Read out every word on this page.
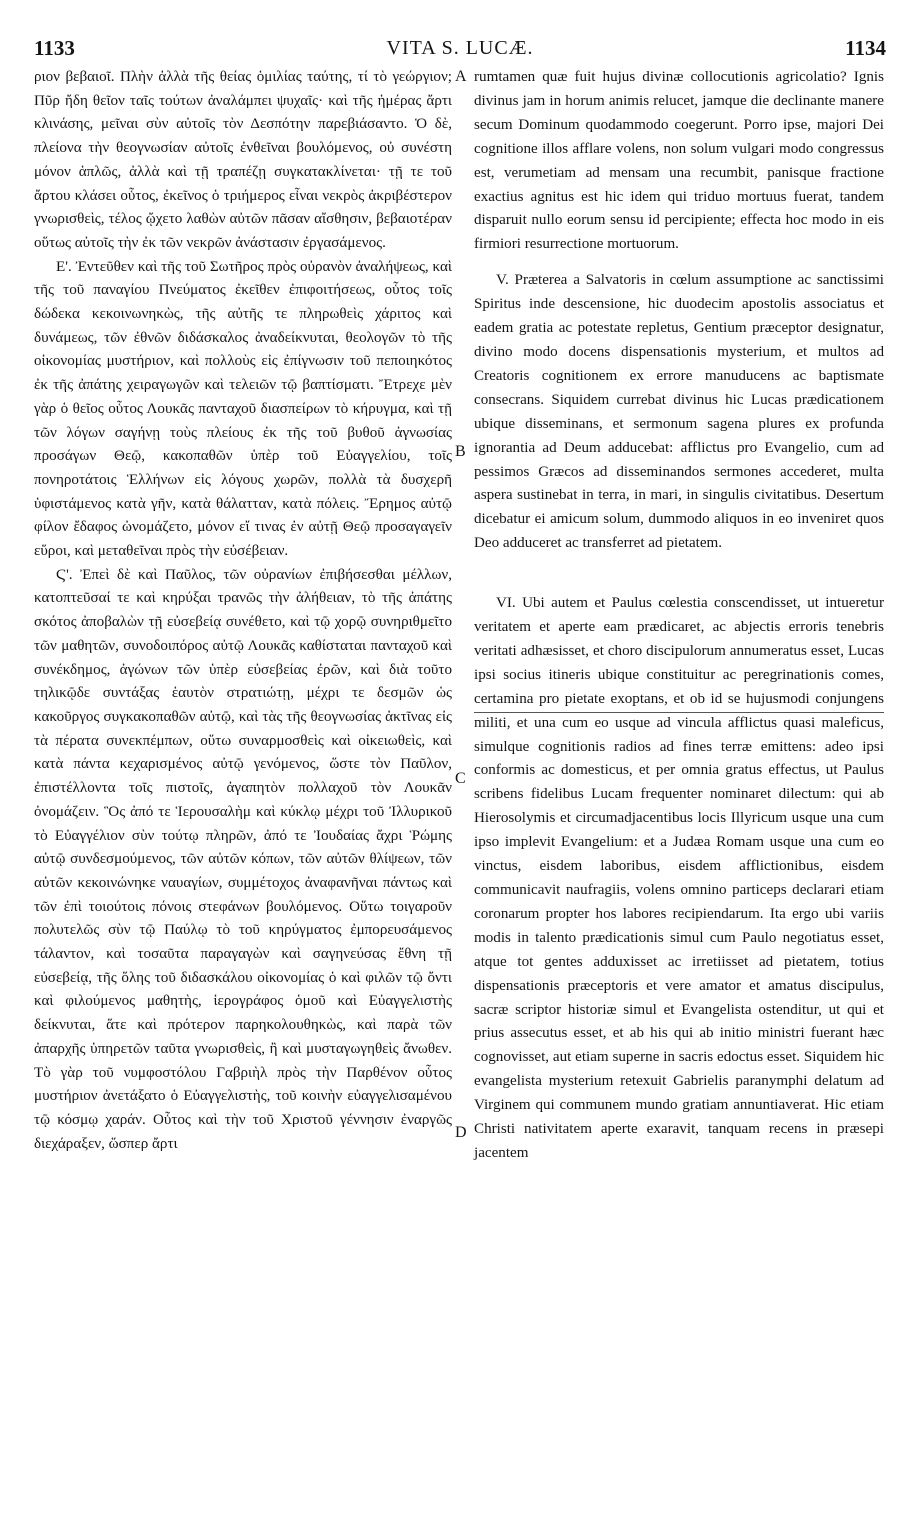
1133	VITA S. LUCÆ.	1134

ριον βεβαιοῖ. Πλὴν ἀλλὰ τῆς θείας ὁμιλίας ταύτης, τί τὸ γεώργιον; Πῦρ ἤδη θεῖον ταῖς τούτων ἀναλάμπει ψυχαῖς· καὶ τῆς ἡμέρας ἄρτι κλινάσης, μεῖναι σὺν αὐτοῖς τὸν Δεσπότην παρεβιάσαντο. Ὁ δὲ, πλείονα τὴν θεογνωσίαν αὐτοῖς ἐνθεῖναι βουλόμενος, οὐ συνέστη μόνον ἁπλῶς, ἀλλὰ καὶ τῇ τραπέζῃ συγκατακλίνεται· τῇ τε τοῦ ἄρτου κλάσει οὗτος, ἐκεῖνος ὁ τριήμερος εἶναι νεκρὸς ἀκριβέστερον γνωρισθεὶς, τέλος ᾤχετο λαθὼν αὐτῶν πᾶσαν αἴσθησιν, βεβαιοτέραν οὕτως αὐτοῖς τὴν ἐκ τῶν νεκρῶν ἀνάστασιν ἐργασάμενος.

Ε'. Ἐντεῦθεν καὶ τῆς τοῦ Σωτῆρος πρὸς οὐρανὸν ἀναλήψεως, καὶ τῆς τοῦ παναγίου Πνεύματος ἐκεῖθεν ἐπιφοιτήσεως, οὗτος τοῖς δώδεκα κεκοινωνηκὼς, τῆς αὐτῆς τε πληρωθεὶς χάριτος καὶ δυνάμεως, τῶν ἐθνῶν διδάσκαλος ἀναδείκνυται, θεολογῶν τὸ τῆς οἰκονομίας μυστήριον, καὶ πολλοὺς εἰς ἐπίγνωσιν τοῦ πεποιηκότος ἐκ τῆς ἀπάτης χειραγωγῶν καὶ τελειῶν τῷ βαπτίσματι. Ἔτρεχε μὲν γὰρ ὁ θεῖος οὗτος Λουκᾶς πανταχοῦ διασπείρων τὸ κήρυγμα, καὶ τῇ τῶν λόγων σαγήνῃ τοὺς πλείους ἐκ τῆς τοῦ βυθοῦ ἀγνωσίας προσάγων Θεῷ, κακοπαθῶν ὑπὲρ τοῦ Εὐαγγελίου, τοῖς πονηροτάτοις Ἑλλήνων εἰς λόγους χωρῶν, πολλὰ τὰ δυσχερῆ ὑφιστάμενος κατὰ γῆν, κατὰ θάλατταν, κατὰ πόλεις. Ἔρημος αὐτῷ φίλον ἔδαφος ὠνομάζετο, μόνον εἴ τινας ἐν αὐτῇ Θεῷ προσαγαγεῖν εὕροι, καὶ μεταθεῖναι πρὸς τὴν εὐσέβειαν.

Ϛ'. Ἐπεὶ δὲ καὶ Παῦλος, τῶν οὐρανίων ἐπιβήσεσθαι μέλλων, κατοπτεῦσαί τε καὶ κηρύξαι τρανῶς τὴν ἀλήθειαν, τὸ τῆς ἀπάτης σκότος ἀποβαλὼν τῇ εὐσεβείᾳ συνέθετο, καὶ τῷ χορῷ συνηριθμεῖτο τῶν μαθητῶν, συνοδοιπόρος αὐτῷ Λουκᾶς καθίσταται πανταχοῦ καὶ συνέκδημος, ἀγώνων τῶν ὑπὲρ εὐσεβείας ἐρῶν, καὶ διὰ τοῦτο τηλικῷδε συντάξας ἑαυτὸν στρατιώτῃ, μέχρι τε δεσμῶν ὡς κακοῦργος συγκακοπαθῶν αὐτῷ, καὶ τὰς τῆς θεογνωσίας ἀκτῖνας εἰς τὰ πέρατα συνεκπέμπων, οὕτω συναρμοσθεὶς καὶ οἰκειωθεὶς, καὶ κατὰ πάντα κεχαρισμένος αὐτῷ γενόμενος, ὥστε τὸν Παῦλον, ἐπιστέλλοντα τοῖς πιστοῖς, ἀγαπητὸν πολλαχοῦ τὸν Λουκᾶν ὀνομάζειν. Ὃς ἀπό τε Ἱερουσαλὴμ καὶ κύκλῳ μέχρι τοῦ Ἰλλυρικοῦ τὸ Εὐαγγέλιον σὺν τούτῳ πληρῶν, ἀπό τε Ἰουδαίας ἄχρι Ῥώμης αὐτῷ συνδεσμούμενος, τῶν αὐτῶν κόπων, τῶν αὐτῶν θλίψεων, τῶν αὐτῶν κεκοινώνηκε ναυαγίων, συμμέτοχος ἀναφανῆναι πάντως καὶ τῶν ἐπὶ τοιούτοις πόνοις στεφάνων βουλόμενος. Οὕτω τοιγαροῦν πολυτελῶς σὺν τῷ Παύλῳ τὸ τοῦ κηρύγματος ἐμπορευσάμενος τάλαντον, καὶ τοσαῦτα παραγαγὼν καὶ σαγηνεύσας ἔθνη τῇ εὐσεβείᾳ, τῆς ὅλης τοῦ διδασκάλου οἰκονομίας ὁ καὶ φιλῶν τῷ ὄντι καὶ φιλούμενος μαθητὴς, ἱερογράφος ὁμοῦ καὶ Εὐαγγελιστὴς δείκνυται, ἅτε καὶ πρότερον παρηκολουθηκὼς, καὶ παρὰ τῶν ἀπαρχῆς ὑπηρετῶν ταῦτα γνωρισθεὶς, ἢ καὶ μυσταγωγηθεὶς ἄνωθεν. Τὸ γὰρ τοῦ νυμφοστόλου Γαβριὴλ πρὸς τὴν Παρθένον οὗτος μυστήριον ἀνετάξατο ὁ Εὐαγγελιστὴς, τοῦ κοινὴν εὐαγγελισαμένου τῷ κόσμῳ χαράν. Οὗτος καὶ τὴν τοῦ Χριστοῦ γέννησιν ἐναργῶς διεχάραξεν, ὥσπερ ἄρτι

rumtamen quæ fuit hujus divinæ collocutionis agricolatio? Ignis divinus jam in horum animis relucet, jamque die declinante manere secum Dominum quodammodo coegerunt. Porro ipse, majori Dei cognitione illos afflare volens, non solum vulgari modo congressus est, verumetiam ad mensam una recumbit, panisque fractione exactius agnitus est hic idem qui triduo mortuus fuerat, tandem disparuit nullo eorum sensu id percipiente; effecta hoc modo in eis firmiori resurrectione mortuorum.

V. Præterea a Salvatoris in cœlum assumptione ac sanctissimi Spiritus inde descensione, hic duodecim apostolis associatus et eadem gratia ac potestate repletus, Gentium præceptor designatur, divino modo docens dispensationis mysterium, et multos ad Creatoris cognitionem ex errore manuducens ac baptismate consecrans. Siquidem currebat divinus hic Lucas prædicationem ubique disseminans, et sermonum sagena plures ex profunda ignorantia ad Deum adducebat: afflictus pro Evangelio, cum ad pessimos Græcos ad disseminandos sermones accederet, multa aspera sustinebat in terra, in mari, in singulis civitatibus. Desertum dicebatur ei amicum solum, dummodo aliquos in eo inveniret quos Deo adduceret ac transferret ad pietatem.

VI. Ubi autem et Paulus cœlestia conscendisset, ut intueretur veritatem et aperte eam prædicaret, ac abjectis erroris tenebris veritati adhæsisset, et choro discipulorum annumeratus esset, Lucas ipsi socius itineris ubique constituitur ac peregrinationis comes, certamina pro pietate exoptans, et ob id se hujusmodi conjungens militi, et una cum eo usque ad vincula afflictus quasi maleficus, simulque cognitionis radios ad fines terræ emittens: adeo ipsi conformis ac domesticus, et per omnia gratus effectus, ut Paulus scribens fidelibus Lucam frequenter nominaret dilectum: qui ab Hierosolymis et circumadjacentibus locis Illyricum usque una cum ipso implevit Evangelium: et a Judæa Romam usque una cum eo vinctus, eisdem laboribus, eisdem afflictionibus, eisdem communicavit naufragiis, volens omnino particeps declarari etiam coronarum propter hos labores recipiendarum. Ita ergo ubi variis modis in talento prædicationis simul cum Paulo negotiatus esset, atque tot gentes adduxisset ac irretiisset ad pietatem, totius dispensationis præceptoris et vere amator et amatus discipulus, sacræ scriptor historiæ simul et Evangelista ostenditur, ut qui et prius assecutus esset, et ab his qui ab initio ministri fuerant hæc cognovisset, aut etiam superne in sacris edoctus esset. Siquidem hic evangelista mysterium retexuit Gabrielis paranymphi delatum ad Virginem qui communem mundo gratiam annuntiaverat. Hic etiam Christi nativitatem aperte exaravit, tanquam recens in præsepi jacentem

A
B
C
D
